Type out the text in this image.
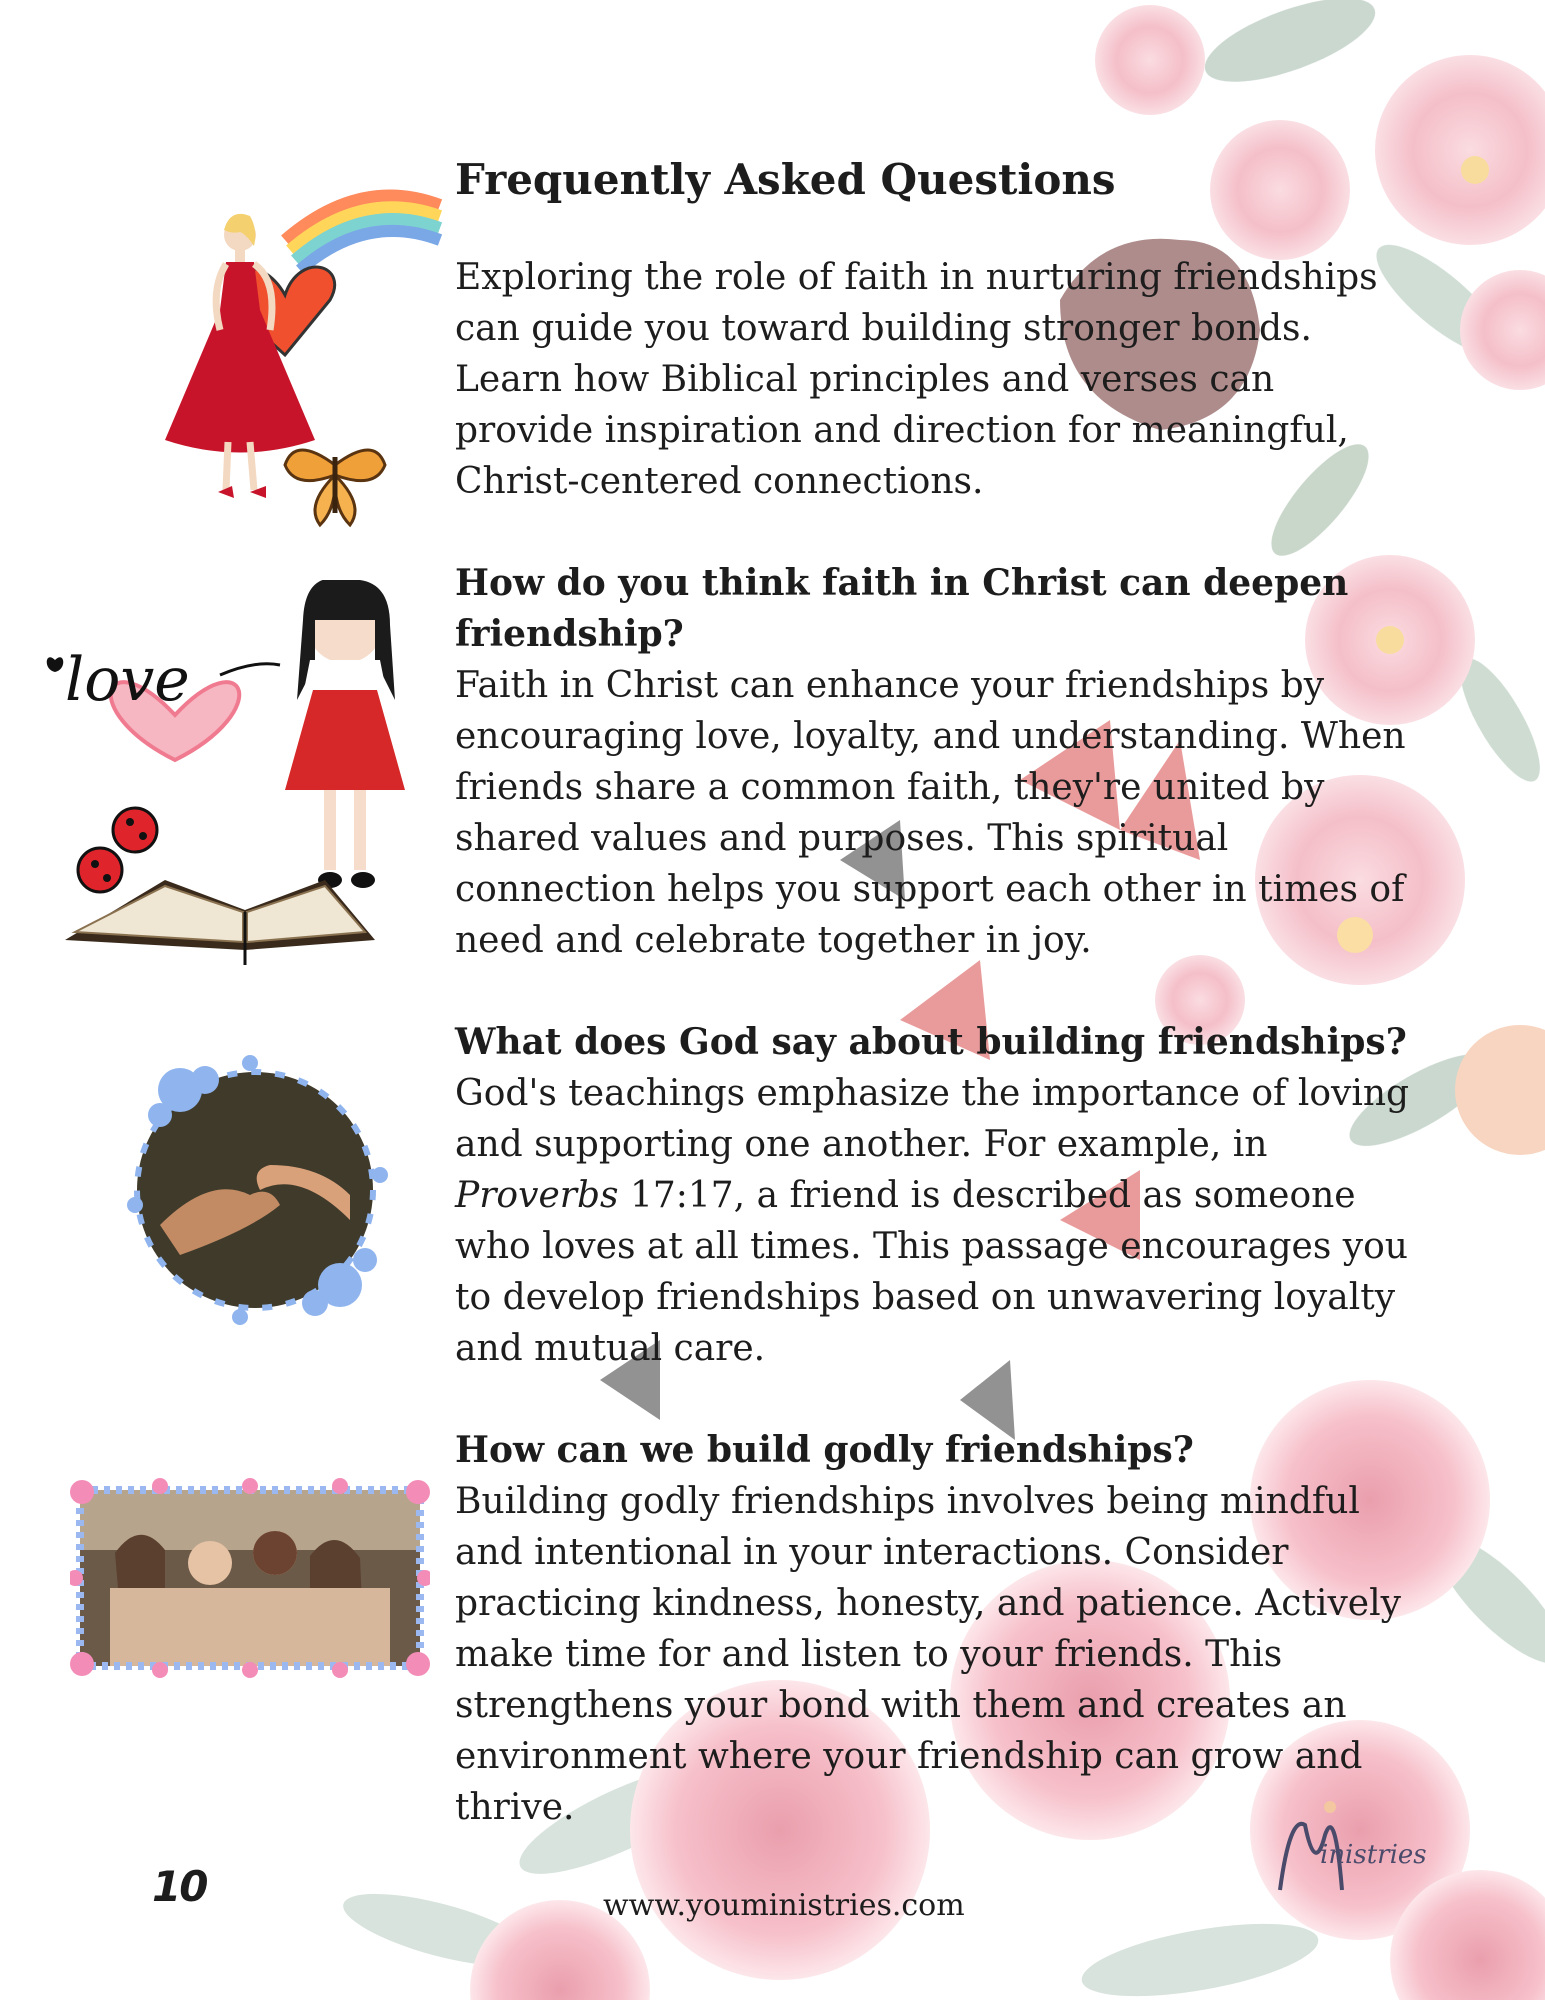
love
Frequently Asked Questions

Exploring the role of faith in nurturing friendships can guide you toward building stronger bonds. Learn how Biblical principles and verses can provide inspiration and direction for meaningful, Christ-centered connections.

How do you think faith in Christ can deepen friendship?

Faith in Christ can enhance your friendships by encouraging love, loyalty, and understanding. When friends share a common faith, they're united by shared values and purposes. This spiritual connection helps you support each other in times of need and celebrate together in joy.

What does God say about building friendships?

God's teachings emphasize the importance of loving and supporting one another. For example, in Proverbs 17:17, a friend is described as someone who loves at all times. This passage encourages you to develop friendships based on unwavering loyalty and mutual care.

How can we build godly friendships?

Building godly friendships involves being mindful and intentional in your interactions. Consider practicing kindness, honesty, and patience. Actively make time for and listen to your friends. This strengthens your bond with them and creates an environment where your friendship can grow and thrive.

inistries
10	www.youministries.com
